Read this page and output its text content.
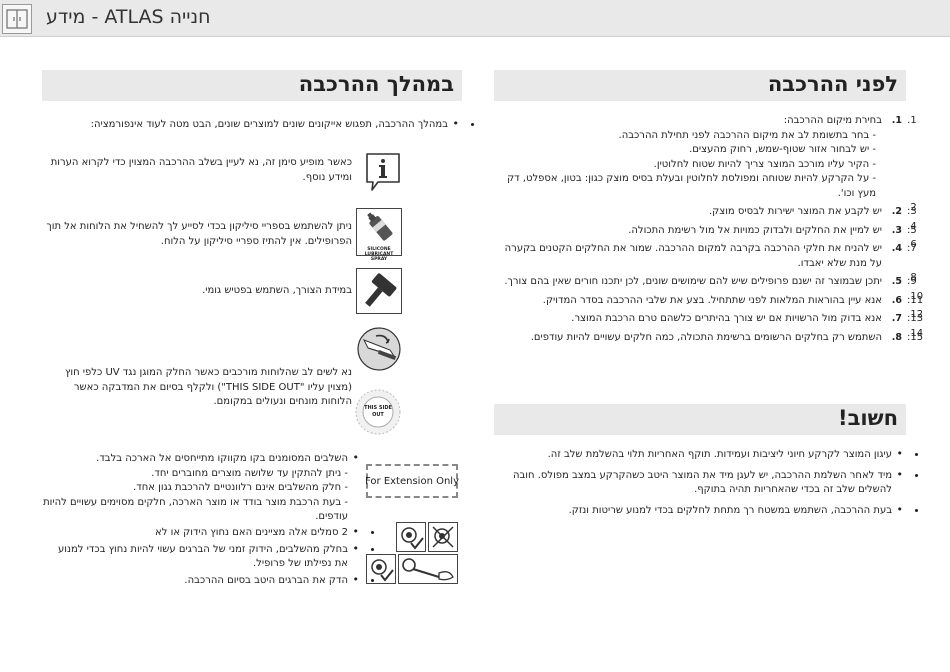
חנייה ATLAS - מידע
לפני ההרכבה
במהלך ההרכבה
חשוב!
1. 1.
בחירת מיקום ההרכבה:
- בחר בתשומת לב את מיקום ההרכבה לפני תחילת ההרכבה.
- יש לבחור אזור שטוף-שמש, רחוק מהעצים.
- הקיר עליו מורכב המוצר צריך להיות שטוח לחלוטין.
- על הקרקע להיות שטוחה ומפולסת לחלוטין ובעלת בסיס מוצק כגון: בטון, אספלט, דק מעץ וכו'.
2.
3. 2.
יש לקבע את המוצר ישירות לבסיס מוצק.
4.
5. 3.
יש למיין את החלקים ולבדוק כמויות אל מול רשימת התכולה.
6.
7. 4.
יש להניח את חלקי ההרכבה בקרבה למקום ההרכבה. שמור את החלקים הקטנים בקערה על מנת שלא יאבדו.
8.
9. 5.
יתכן שבמוצר זה ישנם פרופילים שיש להם שימושים שונים, לכן יתכנו חורים שאין בהם צורך.
10.
11. 6.
אנא עיין בהוראות המלאות לפני שתתחיל. בצע את שלבי ההרכבה בסדר המדויק.
12.
13. 7.
אנא בדוק מול הרשויות אם יש צורך בהיתרים כלשהם טרם הרכבת המוצר.
14.
15. 8.
השתמש רק בחלקים הרשומים ברשימת התכולה, כמה חלקים עשויים להיות עודפים.
• • עיגון המוצר לקרקע חיוני ליציבות ועמידות. תוקף האחריות תלוי בהשלמת שלב זה.
• • מיד לאחר השלמת ההרכבה, יש לעגן מיד את המוצר היטב כשהקרקע במצב מפולס. חובה להשלים שלב זה בכדי שהאחריות תהיה בתוקף.
• • בעת ההרכבה, השתמש במשטח רך מתחת לחלקים בכדי למנוע שריטות ונזק.
• • במהלך ההרכבה, תפגוש אייקונים שונים למוצרים שונים, הבט מטה לעוד אינפורמציה:
כאשר מופיע סימן זה, נא לעיין בשלב ההרכבה המצוין כדי לקרוא הערות ומידע נוסף.
SILICONE
LUBRICANT SPRAY
ניתן להשתמש בספריי סיליקון בכדי לסייע לך להשחיל את הלוחות אל תוך הפרופילים. אין להתיז ספריי סיליקון על הלוח.
במידת הצורך, השתמש בפטיש גומי.
THIS SIDE
OUT
נא לשים לב שהלוחות מורכבים כאשר החלק המוגן נגד UV כלפי חוץ (מצוין עליו "THIS SIDE OUT") ולקלף בסיום את המדבקה כאשר הלוחות מונחים ונעולים במקומם.
For Extension Only
•
השלבים המסומנים בקו מקווקו מתייחסים אל הארכה בלבד.
- ניתן להתקין עד שלושה מוצרים מחוברים יחד.
- חלק מהשלבים אינם רלוונטיים להרכבת גגון אחד.
- בעת הרכבת מוצר בודד או מוצר הארכה, חלקים מסוימים עשויים להיות עודפים.
• • 2 סמלים אלה מציינים האם נחוץ הידוק או לא
• • בחלק מהשלבים, הידוק זמני של הברגים עשוי להיות נחוץ בכדי למנוע את נפילתו של פרופיל.
• • הדק את הברגים היטב בסיום ההרכבה.
